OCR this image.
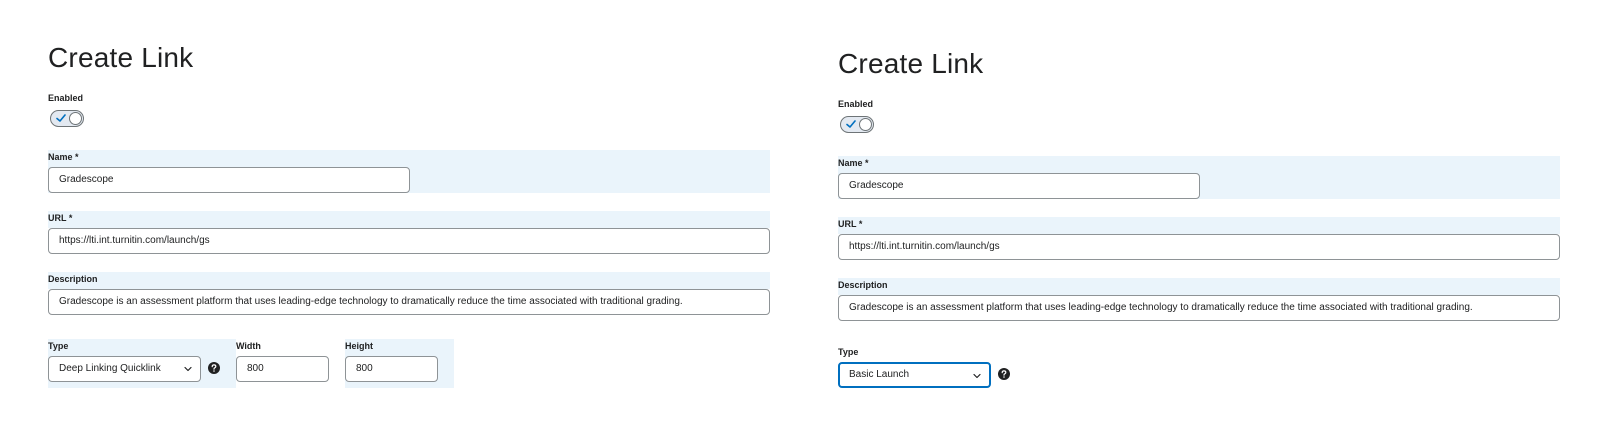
Create Link
Enabled
Name *
Gradescope
URL *
https://lti.int.turnitin.com/launch/gs
Description
Gradescope is an assessment platform that uses leading-edge technology to dramatically reduce the time associated with traditional grading.
Type
Deep Linking Quicklink
Width
800
Height
800
Create Link
Enabled
Name *
Gradescope
URL *
https://lti.int.turnitin.com/launch/gs
Description
Gradescope is an assessment platform that uses leading-edge technology to dramatically reduce the time associated with traditional grading.
Type
Basic Launch
